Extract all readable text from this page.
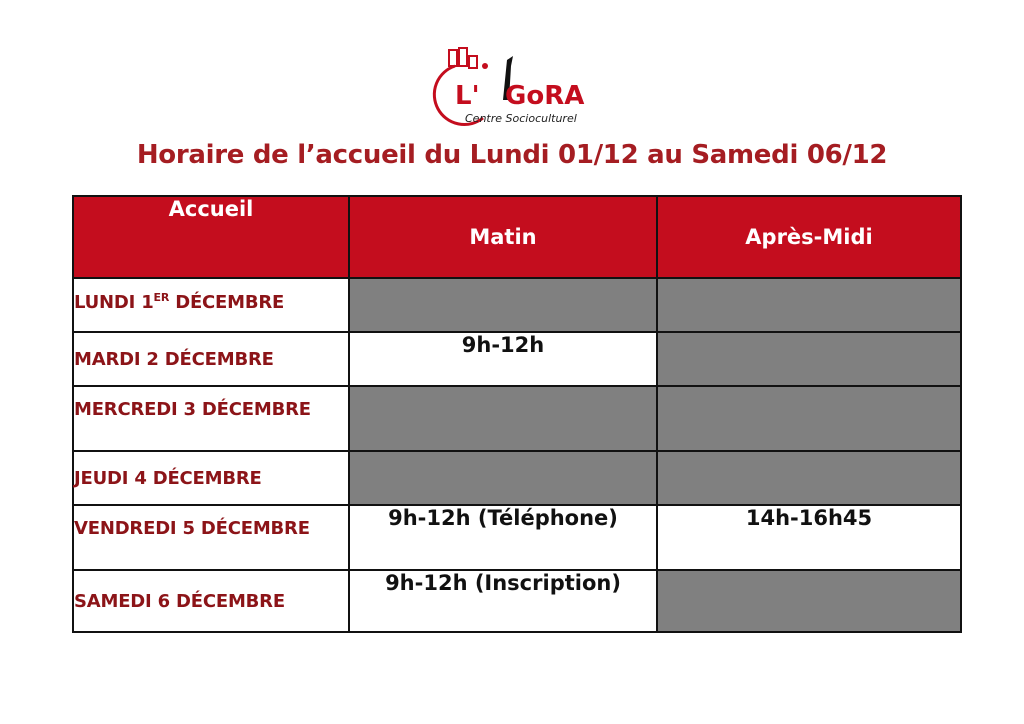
L' GoRA
Centre Socioculturel
Horaire de l’accueil du Lundi 01/12 au Samedi 06/12
Accueil	Matin	Après-Midi
LUNDI 1ER DÉCEMBRE		
MARDI 2 DÉCEMBRE	9h-12h	
MERCREDI 3 DÉCEMBRE		
JEUDI 4 DÉCEMBRE		
VENDREDI 5 DÉCEMBRE	9h-12h (Téléphone)	14h-16h45
SAMEDI 6 DÉCEMBRE	9h-12h (Inscription)	
